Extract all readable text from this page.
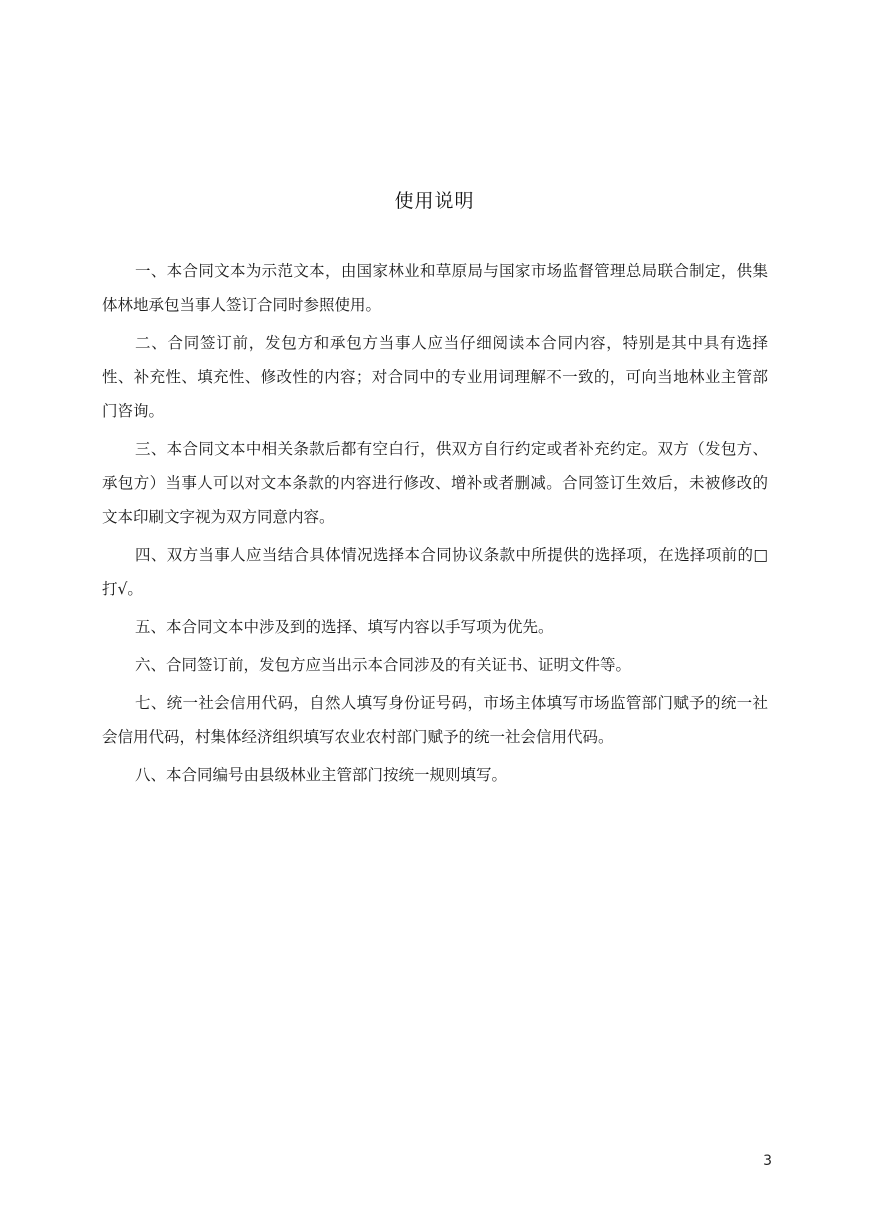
使用说明

一、本合同文本为示范文本，由国家林业和草原局与国家市场监督管理总局联合制定，供集体林地承包当事人签订合同时参照使用。

二、合同签订前，发包方和承包方当事人应当仔细阅读本合同内容，特别是其中具有选择性、补充性、填充性、修改性的内容；对合同中的专业用词理解不一致的，可向当地林业主管部门咨询。

三、本合同文本中相关条款后都有空白行，供双方自行约定或者补充约定。双方（发包方、承包方）当事人可以对文本条款的内容进行修改、增补或者删减。合同签订生效后，未被修改的文本印刷文字视为双方同意内容。

四、双方当事人应当结合具体情况选择本合同协议条款中所提供的选择项，在选择项前的□打√。

五、本合同文本中涉及到的选择、填写内容以手写项为优先。

六、合同签订前，发包方应当出示本合同涉及的有关证书、证明文件等。

七、统一社会信用代码，自然人填写身份证号码，市场主体填写市场监管部门赋予的统一社会信用代码，村集体经济组织填写农业农村部门赋予的统一社会信用代码。

八、本合同编号由县级林业主管部门按统一规则填写。

3
